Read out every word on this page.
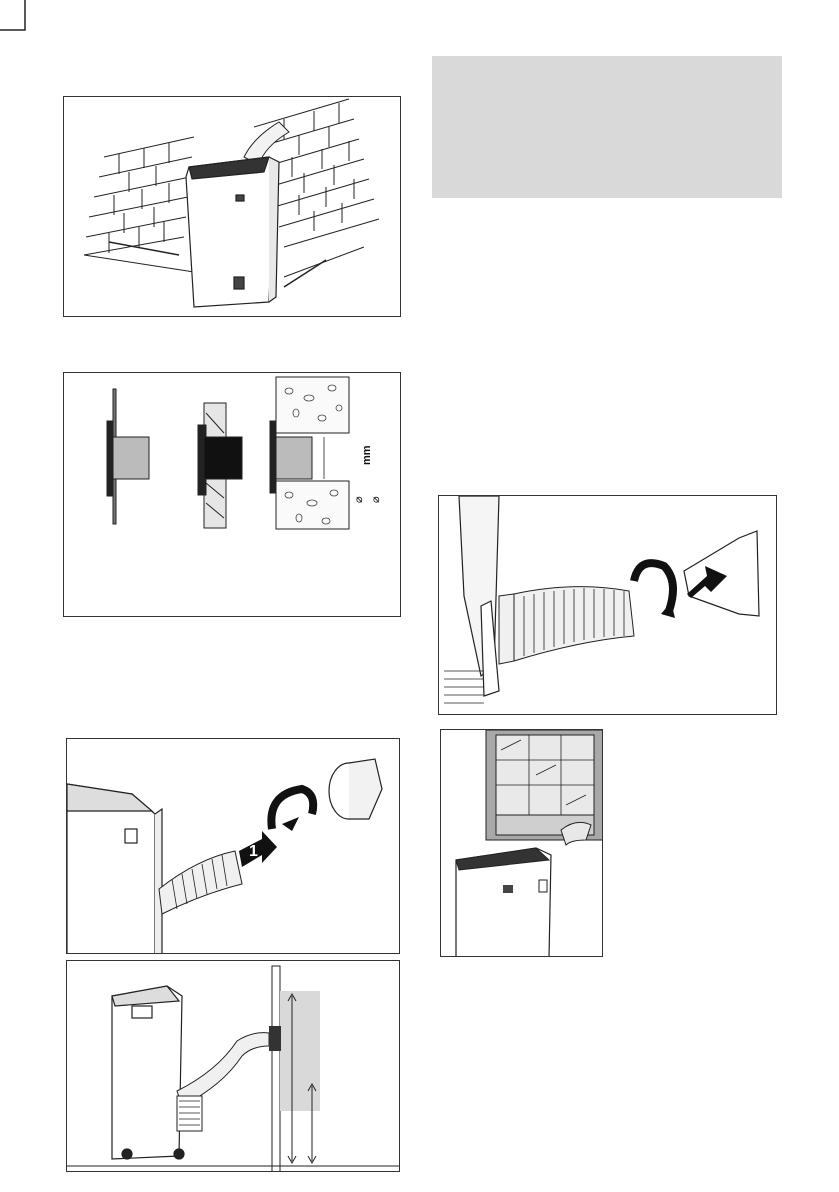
mm
⌀ ⌀
1
